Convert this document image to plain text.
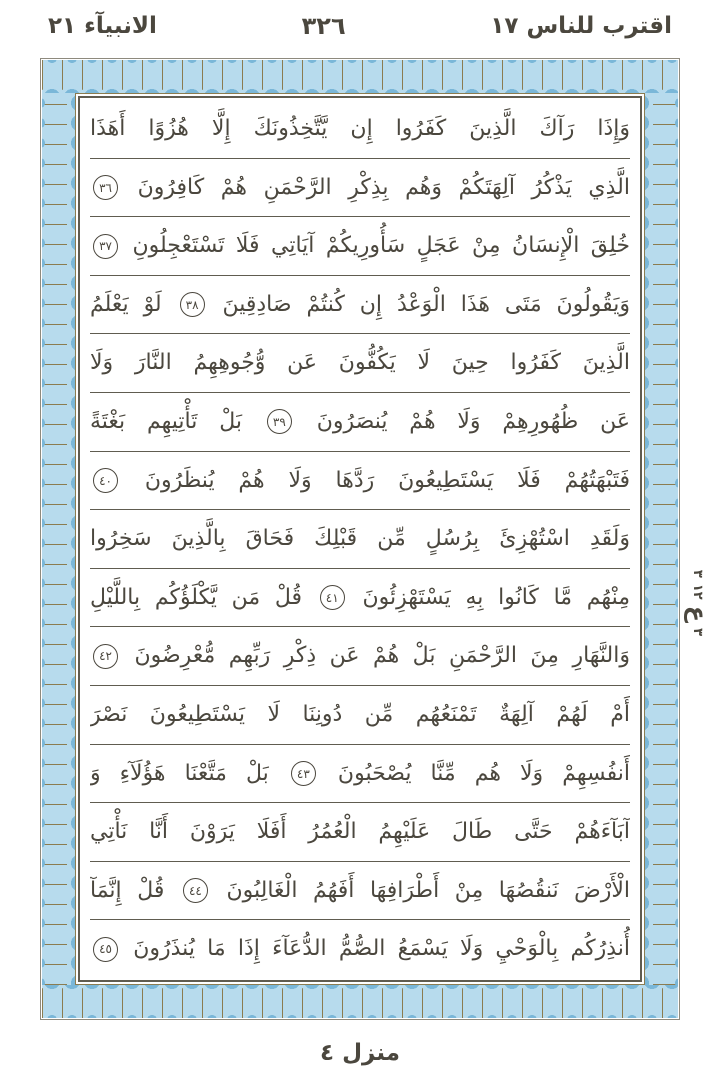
اقترب للناس ١٧
٣٢٦
الانبيآء ٢١
وَإِذَا رَآكَ الَّذِينَ كَفَرُوا إِن يَّتَّخِذُونَكَ إِلَّا هُزُوًا أَهَذَا
الَّذِي يَذْكُرُ آلِهَتَكُمْ وَهُم بِذِكْرِ الرَّحْمَنِ هُمْ كَافِرُونَ ٣٦
خُلِقَ الْإِنسَانُ مِنْ عَجَلٍ سَأُورِيكُمْ آيَاتِي فَلَا تَسْتَعْجِلُونِ ٣٧
وَيَقُولُونَ مَتَى هَذَا الْوَعْدُ إِن كُنتُمْ صَادِقِينَ ٣٨ لَوْ يَعْلَمُ
الَّذِينَ كَفَرُوا حِينَ لَا يَكُفُّونَ عَن وُّجُوهِهِمُ النَّارَ وَلَا
عَن ظُهُورِهِمْ وَلَا هُمْ يُنصَرُونَ ٣٩ بَلْ تَأْتِيهِم بَغْتَةً
فَتَبْهَتُهُمْ فَلَا يَسْتَطِيعُونَ رَدَّهَا وَلَا هُمْ يُنظَرُونَ ٤٠
وَلَقَدِ اسْتُهْزِئَ بِرُسُلٍ مِّن قَبْلِكَ فَحَاقَ بِالَّذِينَ سَخِرُوا
مِنْهُم مَّا كَانُوا بِهِ يَسْتَهْزِئُونَ ٤١ قُلْ مَن يَّكْلَؤُكُم بِاللَّيْلِ
وَالنَّهَارِ مِنَ الرَّحْمَنِ بَلْ هُمْ عَن ذِكْرِ رَبِّهِم مُّعْرِضُونَ ٤٢
أَمْ لَهُمْ آلِهَةٌ تَمْنَعُهُم مِّن دُونِنَا لَا يَسْتَطِيعُونَ نَصْرَ
أَنفُسِهِمْ وَلَا هُم مِّنَّا يُصْحَبُونَ ٤٣ بَلْ مَتَّعْنَا هَؤُلَآءِ وَ
آبَآءَهُمْ حَتَّى طَالَ عَلَيْهِمُ الْعُمُرُ أَفَلَا يَرَوْنَ أَنَّا نَأْتِي
الْأَرْضَ نَنقُصُهَا مِنْ أَطْرَافِهَا أَفَهُمُ الْغَالِبُونَ ٤٤ قُلْ إِنَّمَآ
أُنذِرُكُم بِالْوَحْيِ وَلَا يَسْمَعُ الصُّمُّ الدُّعَآءَ إِذَا مَا يُنذَرُونَ ٤٥
٣
ع
١٢
٣
منزل ٤
